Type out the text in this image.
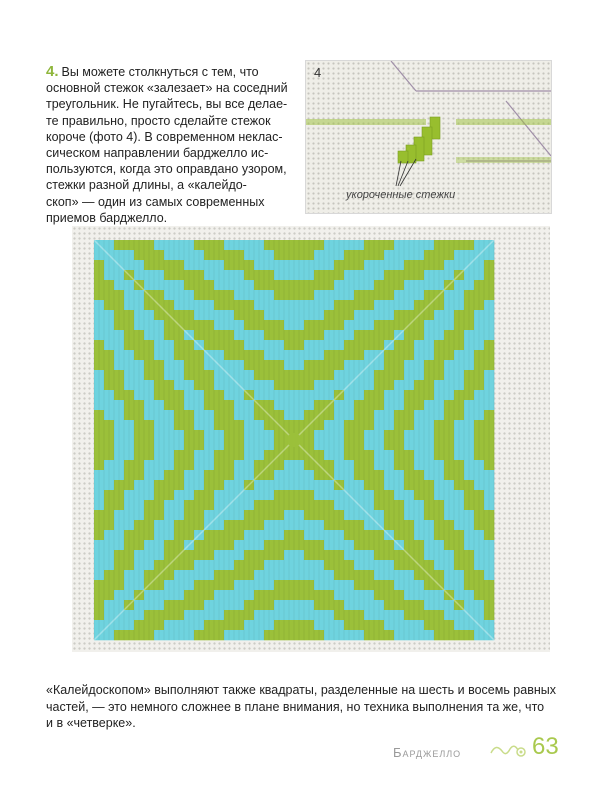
4. Вы можете столкнуться с тем, что
основной стежок «залезает» на соседний
треугольник. Не пугайтесь, вы все делае-
те правильно, просто сделайте стежок
короче (фото 4). В современном неклас-
сическом направлении барджелло ис-
пользуются, когда это оправдано узором,
стежки разной длины, а «калейдо-
скоп» — один из самых современных
приемов барджелло.
4
укороченные стежки
«Калейдоскопом» выполняют также квадраты, разделенные на шесть и восемь равных
частей, — это немного сложнее в плане внимания, но техника выполнения та же, что
и в «четверке».
Барджелло	63
